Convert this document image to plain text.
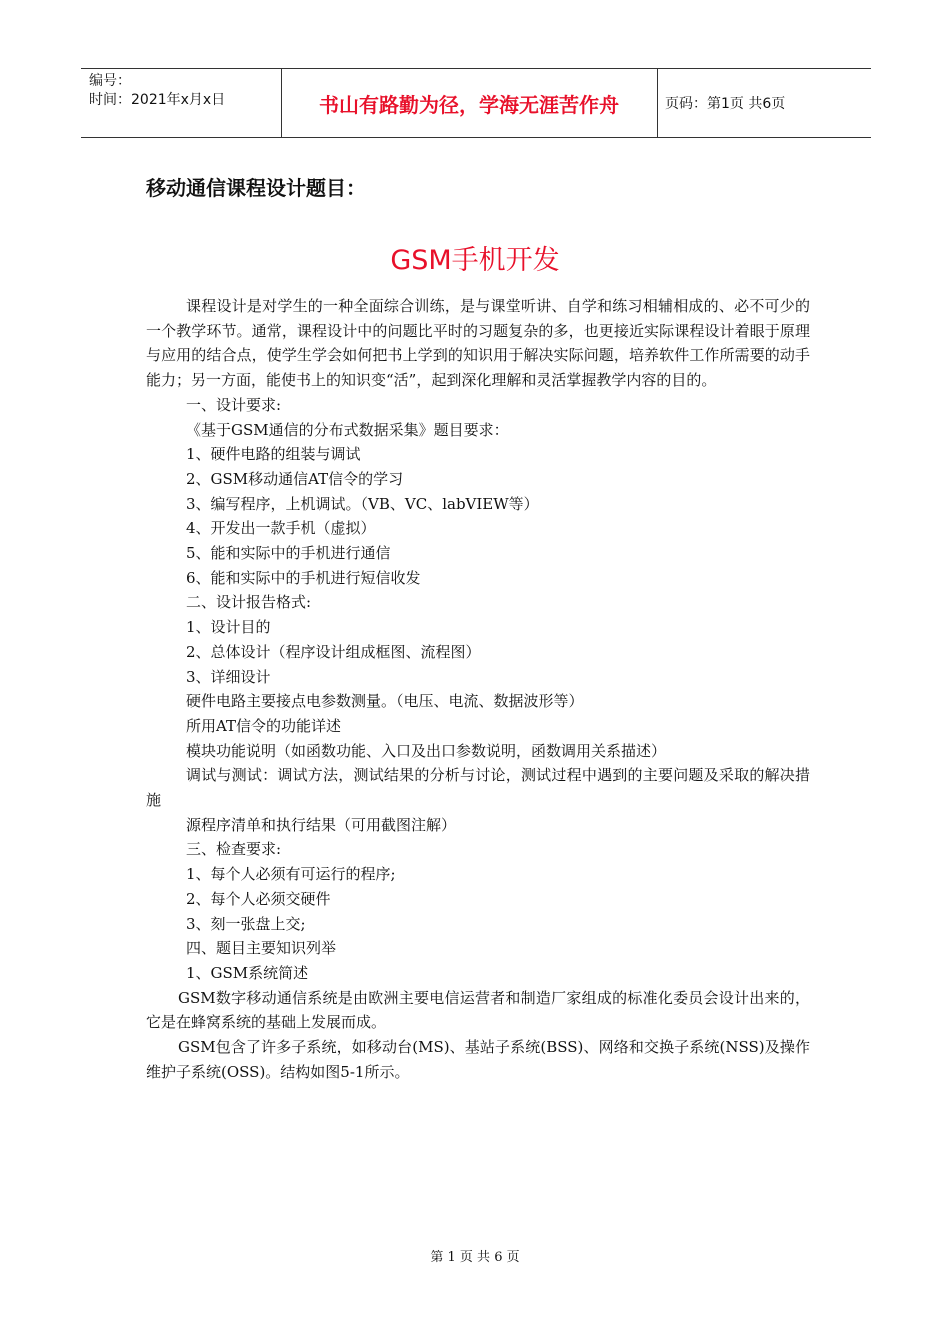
编号：
时间：2021年x月x日	书山有路勤为径，学海无涯苦作舟	页码：第1页 共6页
移动通信课程设计题目：
GSM手机开发

课程设计是对学生的一种全面综合训练，是与课堂听讲、自学和练习相辅相成的、必不可少的一个教学环节。通常，课程设计中的问题比平时的习题复杂的多，也更接近实际课程设计着眼于原理与应用的结合点，使学生学会如何把书上学到的知识用于解决实际问题，培养软件工作所需要的动手能力；另一方面，能使书上的知识变“活”，起到深化理解和灵活掌握教学内容的目的。

一、设计要求:

《基于GSM通信的分布式数据采集》题目要求：

1、硬件电路的组装与调试

2、GSM移动通信AT信令的学习

3、编写程序，上机调试。（VB、VC、labVIEW等）

4、开发出一款手机（虚拟）

5、能和实际中的手机进行通信

6、能和实际中的手机进行短信收发

二、设计报告格式:

1、设计目的

2、总体设计（程序设计组成框图、流程图）

3、详细设计

硬件电路主要接点电参数测量。（电压、电流、数据波形等）

所用AT信令的功能详述

模块功能说明（如函数功能、入口及出口参数说明，函数调用关系描述）

调试与测试：调试方法，测试结果的分析与讨论，测试过程中遇到的主要问题及采取的解决措施

源程序清单和执行结果（可用截图注解）

三、检查要求:

1、每个人必须有可运行的程序;

2、每个人必须交硬件

3、刻一张盘上交;

四、题目主要知识列举

1、GSM系统简述

GSM数字移动通信系统是由欧洲主要电信运营者和制造厂家组成的标准化委员会设计出来的，它是在蜂窝系统的基础上发展而成。

GSM包含了许多子系统，如移动台(MS)、基站子系统(BSS)、网络和交换子系统(NSS)及操作维护子系统(OSS)。结构如图5-1所示。

第 1 页 共 6 页
